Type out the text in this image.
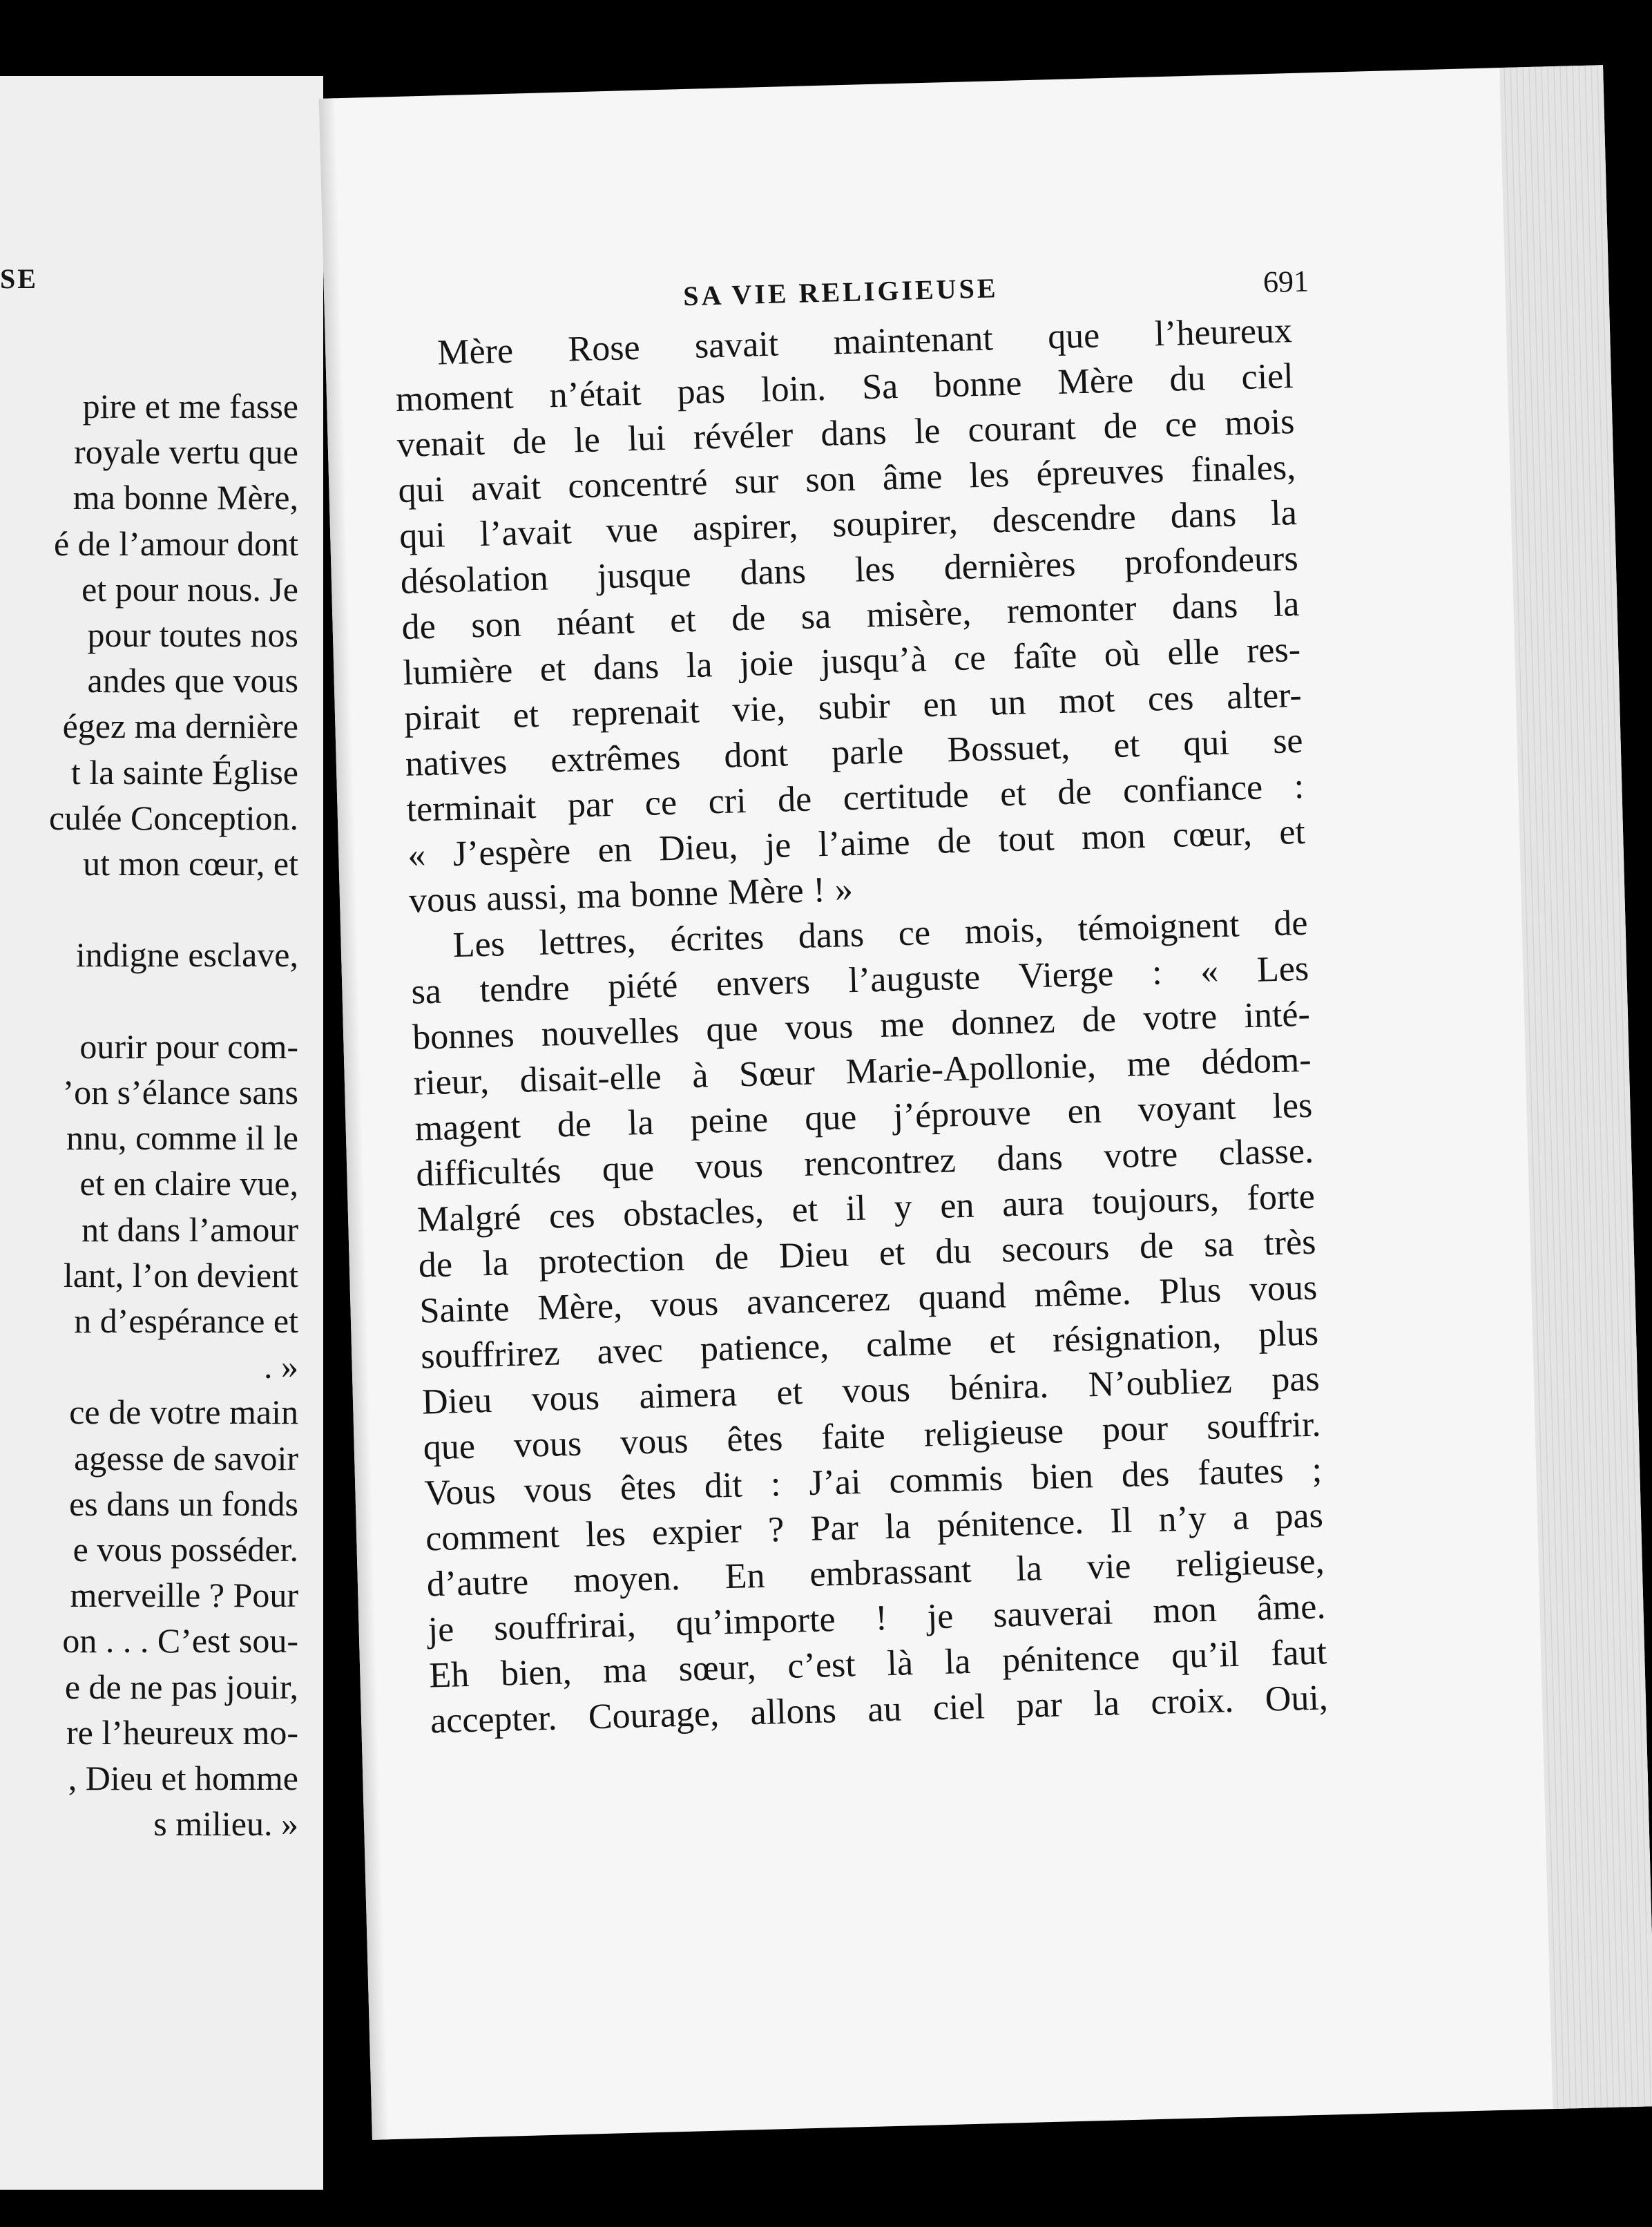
SE
pire et me fasse
royale vertu que
ma bonne Mère,
é de l’amour dont
et pour nous. Je
pour toutes nos
andes que vous
égez ma dernière
t la sainte Église
culée Conception.
ut mon cœur, et
indigne esclave,
ourir pour com-
’on s’élance sans
nnu, comme il le
et en claire vue,
nt dans l’amour
lant, l’on devient
n d’espérance et
. »
ce de votre main
agesse de savoir
es dans un fonds
e vous posséder.
merveille ? Pour
on . . . C’est sou-
e de ne pas jouir,
re l’heureux mo-
, Dieu et homme
s milieu. »
SA VIE RELIGIEUSE	691
Mère Rose savait maintenant que l’heureux
moment n’était pas loin. Sa bonne Mère du ciel
venait de le lui révéler dans le courant de ce mois
qui avait concentré sur son âme les épreuves finales,
qui l’avait vue aspirer, soupirer, descendre dans la
désolation jusque dans les dernières profondeurs
de son néant et de sa misère, remonter dans la
lumière et dans la joie jusqu’à ce faîte où elle res-
pirait et reprenait vie, subir en un mot ces alter-
natives extrêmes dont parle Bossuet, et qui se
terminait par ce cri de certitude et de confiance :
« J’espère en Dieu, je l’aime de tout mon cœur, et
vous aussi, ma bonne Mère ! »
Les lettres, écrites dans ce mois, témoignent de
sa tendre piété envers l’auguste Vierge : « Les
bonnes nouvelles que vous me donnez de votre inté-
rieur, disait-elle à Sœur Marie-Apollonie, me dédom-
magent de la peine que j’éprouve en voyant les
difficultés que vous rencontrez dans votre classe.
Malgré ces obstacles, et il y en aura toujours, forte
de la protection de Dieu et du secours de sa très
Sainte Mère, vous avancerez quand même. Plus vous
souffrirez avec patience, calme et résignation, plus
Dieu vous aimera et vous bénira. N’oubliez pas
que vous vous êtes faite religieuse pour souffrir.
Vous vous êtes dit : J’ai commis bien des fautes ;
comment les expier ? Par la pénitence. Il n’y a pas
d’autre moyen. En embrassant la vie religieuse,
je souffrirai, qu’importe ! je sauverai mon âme.
Eh bien, ma sœur, c’est là la pénitence qu’il faut
accepter. Courage, allons au ciel par la croix. Oui,
